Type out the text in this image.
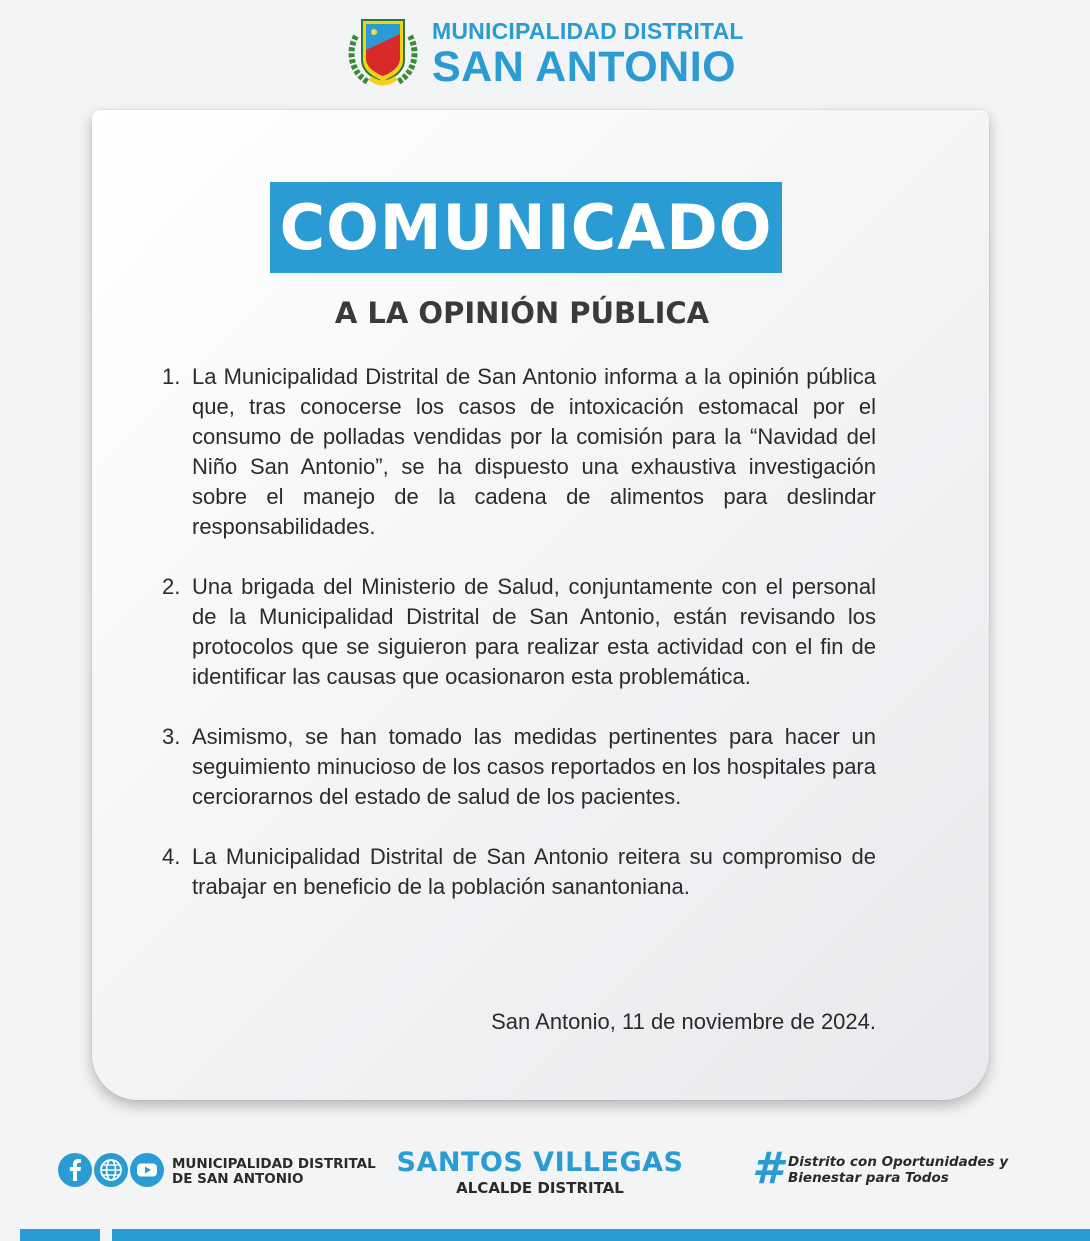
MUNICIPALIDAD DISTRITAL
SAN ANTONIO
COMUNICADO
A LA OPINIÓN PÚBLICA
1. La Municipalidad Distrital de San Antonio informa a la opinión pública que, tras conocerse los casos de intoxicación estomacal por el consumo de polladas vendidas por la comisión para la “Navidad del Niño San Antonio”, se ha dispuesto una exhaustiva investigación sobre el manejo de la cadena de alimentos para deslindar responsabilidades.
2. Una brigada del Ministerio de Salud, conjuntamente con el personal de la Municipalidad Distrital de San Antonio, están revisando los protocolos que se siguieron para realizar esta actividad con el fin de identificar las causas que ocasionaron esta problemática.
3. Asimismo, se han tomado las medidas pertinentes para hacer un seguimiento minucioso de los casos reportados en los hospitales para cerciorarnos del estado de salud de los pacientes.
4. La Municipalidad Distrital de San Antonio reitera su compromiso de trabajar en beneficio de la población sanantoniana.
San Antonio, 11 de noviembre de 2024.
MUNICIPALIDAD DISTRITAL
DE SAN ANTONIO
SANTOS VILLEGAS
ALCALDE DISTRITAL	# Distrito con Oportunidades y
Bienestar para Todos
